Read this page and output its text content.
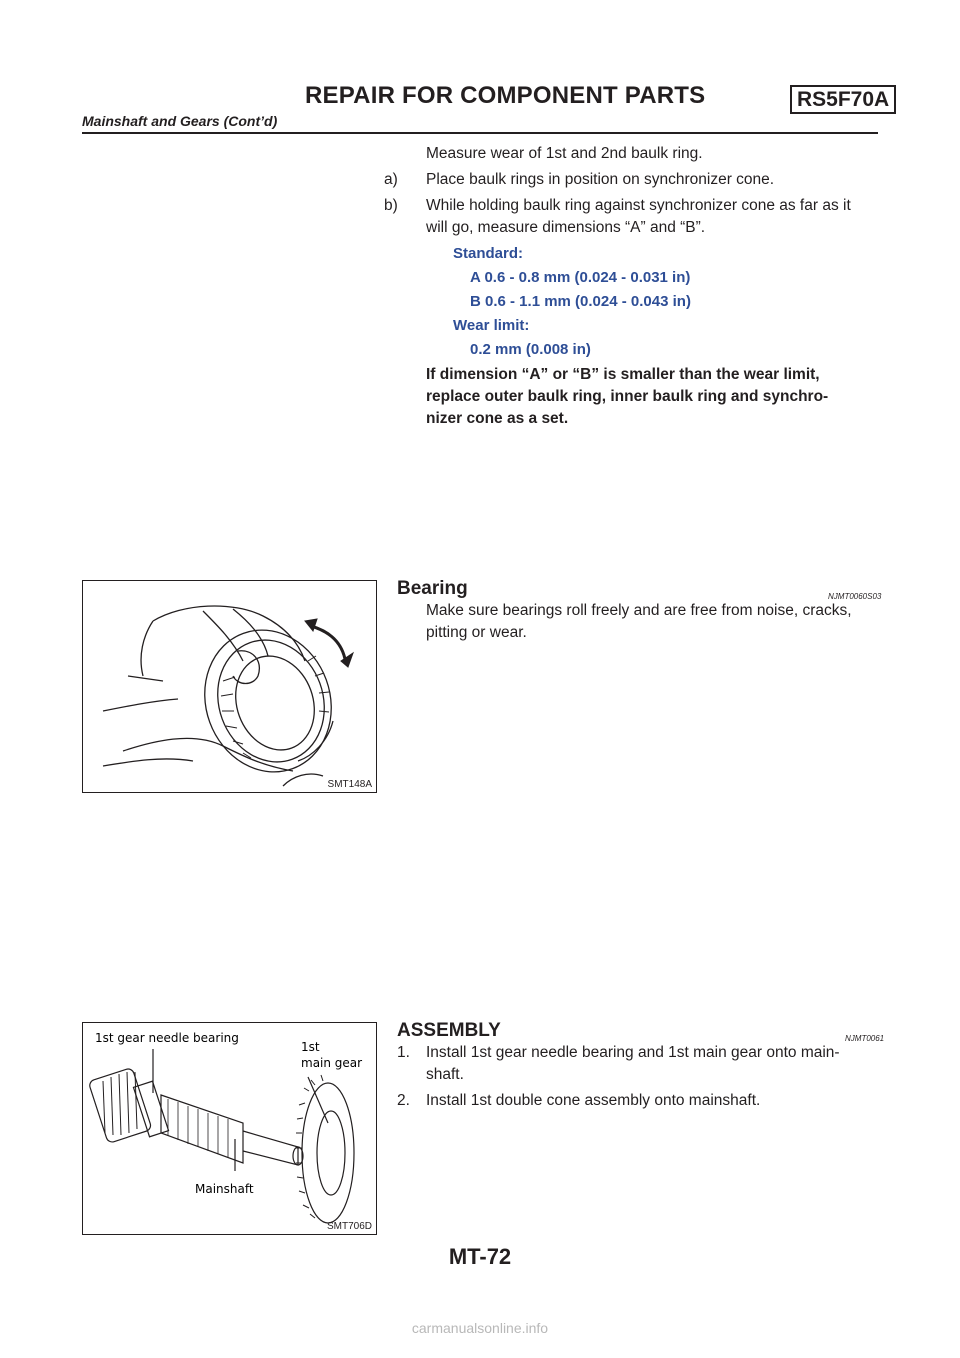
REPAIR FOR COMPONENT PARTS	RS5F70A
Mainshaft and Gears (Cont’d)
Measure wear of 1st and 2nd baulk ring.
a) Place baulk rings in position on synchronizer cone.
b) While holding baulk ring against synchronizer cone as far as it
will go, measure dimensions “A” and “B”.
Standard:
A 0.6 - 0.8 mm (0.024 - 0.031 in)
B 0.6 - 1.1 mm (0.024 - 0.043 in)
Wear limit:
0.2 mm (0.008 in)
If dimension “A” or “B” is smaller than the wear limit,
replace outer baulk ring, inner baulk ring and synchro-
nizer cone as a set.
SMT148A
Bearing	NJMT0060S03
Make sure bearings roll freely and are free from noise, cracks,
pitting or wear.
1st gear needle bearing
1st
main gear
Mainshaft
SMT706D
ASSEMBLY	NJMT0061
1. Install 1st gear needle bearing and 1st main gear onto main-
shaft.
2. Install 1st double cone assembly onto mainshaft.
MT-72
carmanualsonline.info
